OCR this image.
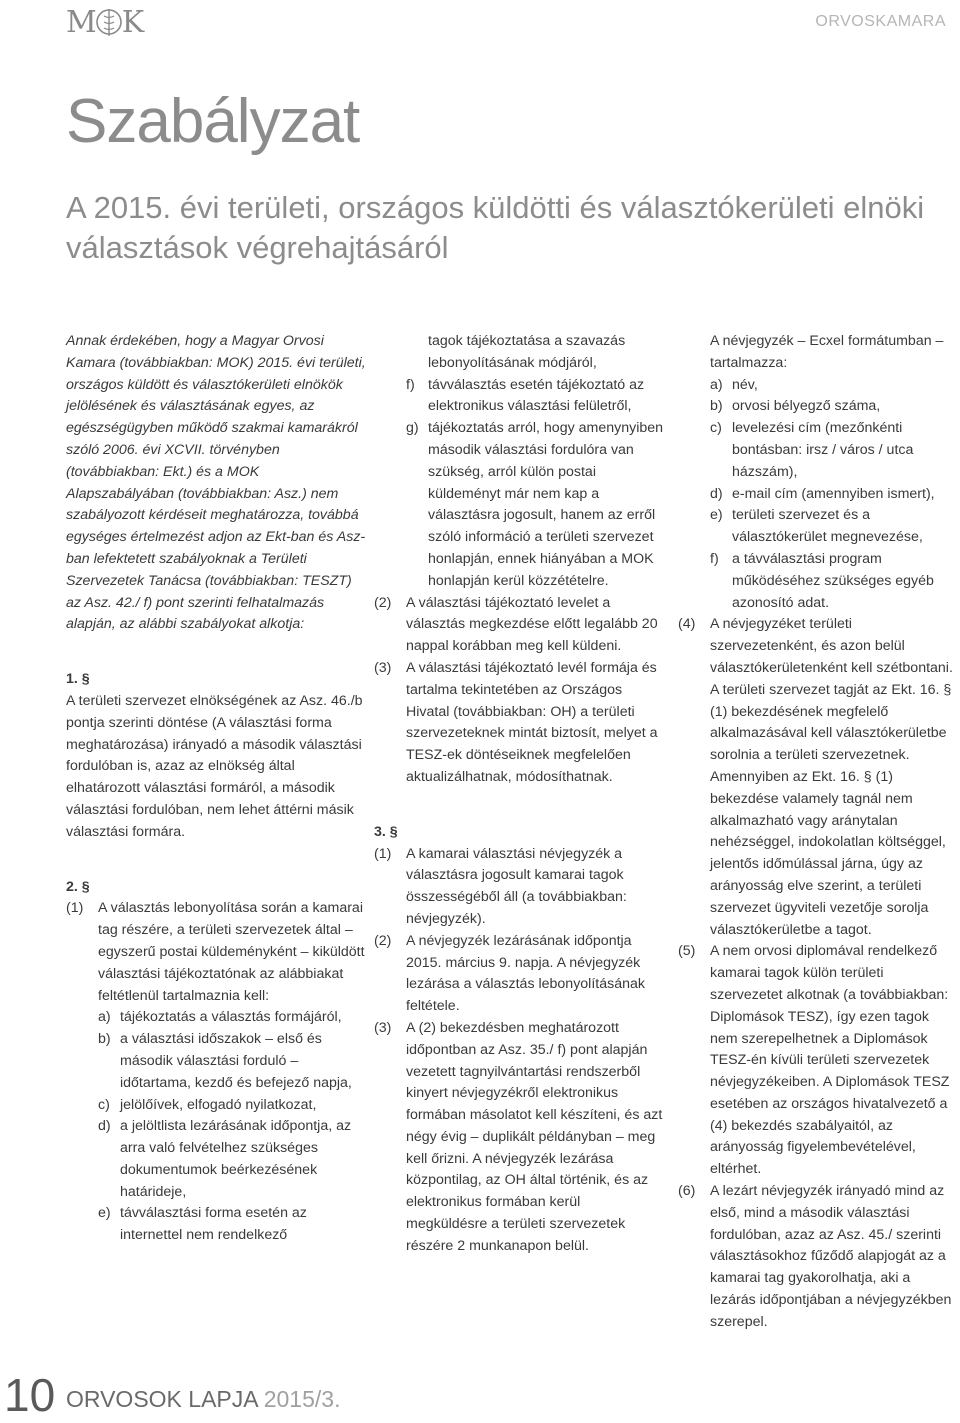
M K	ORVOSKAMARA
Szabályzat
A 2015. évi területi, országos küldötti és választókerületi elnöki választások végrehajtásáról

Annak érdekében, hogy a Magyar Orvosi Kamara (továbbiakban: MOK) 2015. évi területi, országos küldött és választókerületi elnökök jelölésének és választásának egyes, az egészségügyben működő szakmai kamarákról szóló 2006. évi XCVII. törvényben (továbbiakban: Ekt.) és a MOK Alapszabályában (továbbiakban: Asz.) nem szabályozott kérdéseit meghatározza, továbbá egységes értelmezést adjon az Ekt-ban és Asz-ban lefektetett szabályoknak a Területi Szervezetek Tanácsa (továbbiakban: TESZT) az Asz. 42./ f) pont szerinti felhatalmazás alapján, az alábbi szabályokat alkotja:

1. §

A területi szervezet elnökségének az Asz. 46./b pontja szerinti döntése (A választási forma meghatározása) irányadó a második választási fordulóban is, azaz az elnökség által elhatározott választási formáról, a második választási fordulóban, nem lehet áttérni másik választási formára.

2. §

(1) A választás lebonyolítása során a kamarai tag részére, a területi szervezetek által – egyszerű postai küldeményként – kiküldött választási tájékoztatónak az alábbiakat feltétlenül tartalmaznia kell:
a) tájékoztatás a választás formájáról,
b) a választási időszakok – első és második választási forduló – időtartama, kezdő és befejező napja,
c) jelölőívek, elfogadó nyilatkozat,
d) a jelöltlista lezárásának időpontja, az arra való felvételhez szükséges dokumentumok beérkezésének határideje,
e) távválasztási forma esetén az internettel nem rendelkező
tagok tájékoztatása a szavazás lebonyolításának módjáról,
f) távválasztás esetén tájékoztató az elektronikus választási felületről,
g) tájékoztatás arról, hogy amenynyiben második választási fordulóra van szükség, arról külön postai küldeményt már nem kap a választásra jogosult, hanem az erről szóló információ a területi szervezet honlapján, ennek hiányában a MOK honlapján kerül közzétételre.
(2) A választási tájékoztató levelet a választás megkezdése előtt legalább 20 nappal korábban meg kell küldeni.
(3) A választási tájékoztató levél formája és tartalma tekintetében az Országos Hivatal (továbbiakban: OH) a területi szervezeteknek mintát biztosít, melyet a TESZ-ek döntéseiknek megfelelően aktualizálhatnak, módosíthatnak.

3. §

(1) A kamarai választási névjegyzék a választásra jogosult kamarai tagok összességéből áll (a továbbiakban: névjegyzék).
(2) A névjegyzék lezárásának időpontja 2015. március 9. napja. A névjegyzék lezárása a választás lebonyolításának feltétele.
(3) A (2) bekezdésben meghatározott időpontban az Asz. 35./ f) pont alapján vezetett tagnyilvántartási rendszerből kinyert névjegyzékről elektronikus formában másolatot kell készíteni, és azt négy évig – duplikált példányban – meg kell őrizni. A névjegyzék lezárása központilag, az OH által történik, és az elektronikus formában kerül megküldésre a területi szervezetek részére 2 munkanapon belül.

A névjegyzék – Ecxel formátumban – tartalmazza:

a) név,
b) orvosi bélyegző száma,
c) levelezési cím (mezőnkénti bontásban: irsz / város / utca házszám),
d) e-mail cím (amennyiben ismert),
e) területi szervezet és a választókerület megnevezése,
f) a távválasztási program működéséhez szükséges egyéb azonosító adat.
(4) A névjegyzéket területi szervezetenként, és azon belül választókerületenként kell szétbontani. A területi szervezet tagját az Ekt. 16. § (1) bekezdésének megfelelő alkalmazásával kell választókerületbe sorolnia a területi szervezetnek. Amennyiben az Ekt. 16. § (1) bekezdése valamely tagnál nem alkalmazható vagy aránytalan nehézséggel, indokolatlan költséggel, jelentős időmúlással járna, úgy az arányosság elve szerint, a területi szervezet ügyviteli vezetője sorolja választókerületbe a tagot.
(5) A nem orvosi diplomával rendelkező kamarai tagok külön területi szervezetet alkotnak (a továbbiakban: Diplomások TESZ), így ezen tagok nem szerepelhetnek a Diplomások TESZ-én kívüli területi szervezetek névjegyzékeiben. A Diplomások TESZ esetében az országos hivatalvezető a (4) bekezdés szabályaitól, az arányosság figyelembevételével, eltérhet.
(6) A lezárt névjegyzék irányadó mind az első, mind a második választási fordulóban, azaz az Asz. 45./ szerinti választásokhoz fűződő alapjogát az a kamarai tag gyakorolhatja, aki a lezárás időpontjában a névjegyzékben szerepel.
10 ORVOSOK LAPJA 2015/3.
